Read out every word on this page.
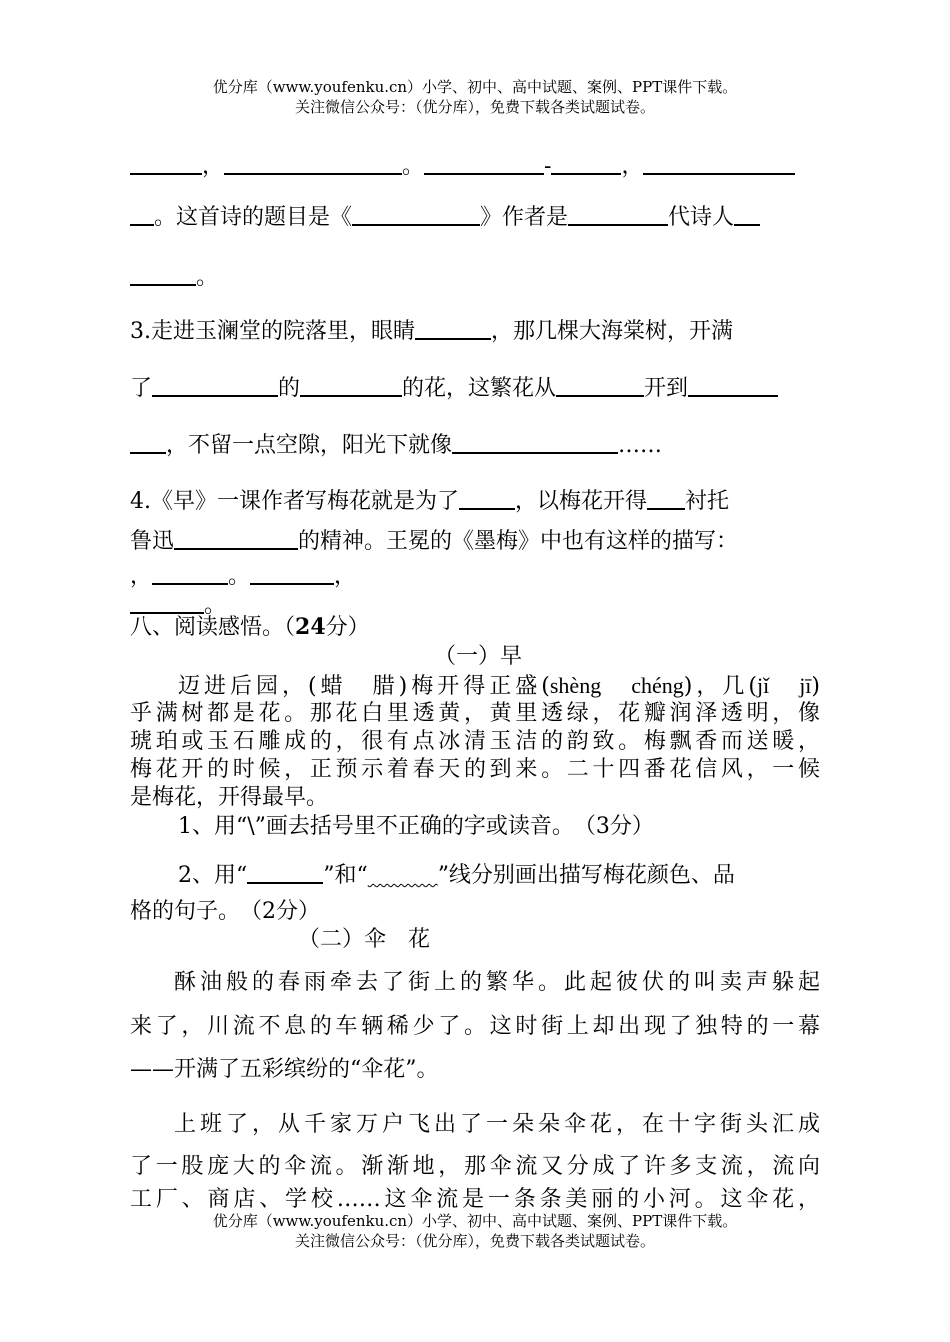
优分库（www.youfenku.cn）小学、初中、高中试题、案例、PPT课件下载。
关注微信公众号：（优分库），免费下载各类试题试卷。
，	。	-	，
。这首诗的题目是《	》作者是	代诗人
。
3.走进玉澜堂的院落里，眼睛	，那几棵大海棠树，开满
了	的	的花，这繁花从	开到
，不留一点空隙，阳光下就像	……
4.《早》一课作者写梅花就是为了	，以梅花开得 衬托
鲁迅	的精神。王冕的《墨梅》中也有这样的描写：
，	。	，
。
八、阅读感悟。（24分）
（一）早
迈进后园，(蜡　腊)梅开得正盛(shèng　chéng)，几(jǐ　jī)
乎满树都是花。那花白里透黄，黄里透绿，花瓣润泽透明，像
琥珀或玉石雕成的，很有点冰清玉洁的韵致。梅飘香而送暖，
梅花开的时候，正预示着春天的到来。二十四番花信风，一候
是梅花，开得最早。
1、用“\”画去括号里不正确的字或读音。　（3分）
2、用“	”和“	”线分别画出描写梅花颜色、品
格的句子。　（2分）
（二）伞　花
酥油般的春雨牵去了街上的繁华。此起彼伏的叫卖声躲起
来了，川流不息的车辆稀少了。这时街上却出现了独特的一幕
——开满了五彩缤纷的“伞花”。
上班了，从千家万户飞出了一朵朵伞花，在十字街头汇成
了一股庞大的伞流。渐渐地，那伞流又分成了许多支流，流向
工厂、商店、学校……这伞流是一条条美丽的小河。这伞花，
优分库（www.youfenku.cn）小学、初中、高中试题、案例、PPT课件下载。
关注微信公众号：（优分库），免费下载各类试题试卷。
